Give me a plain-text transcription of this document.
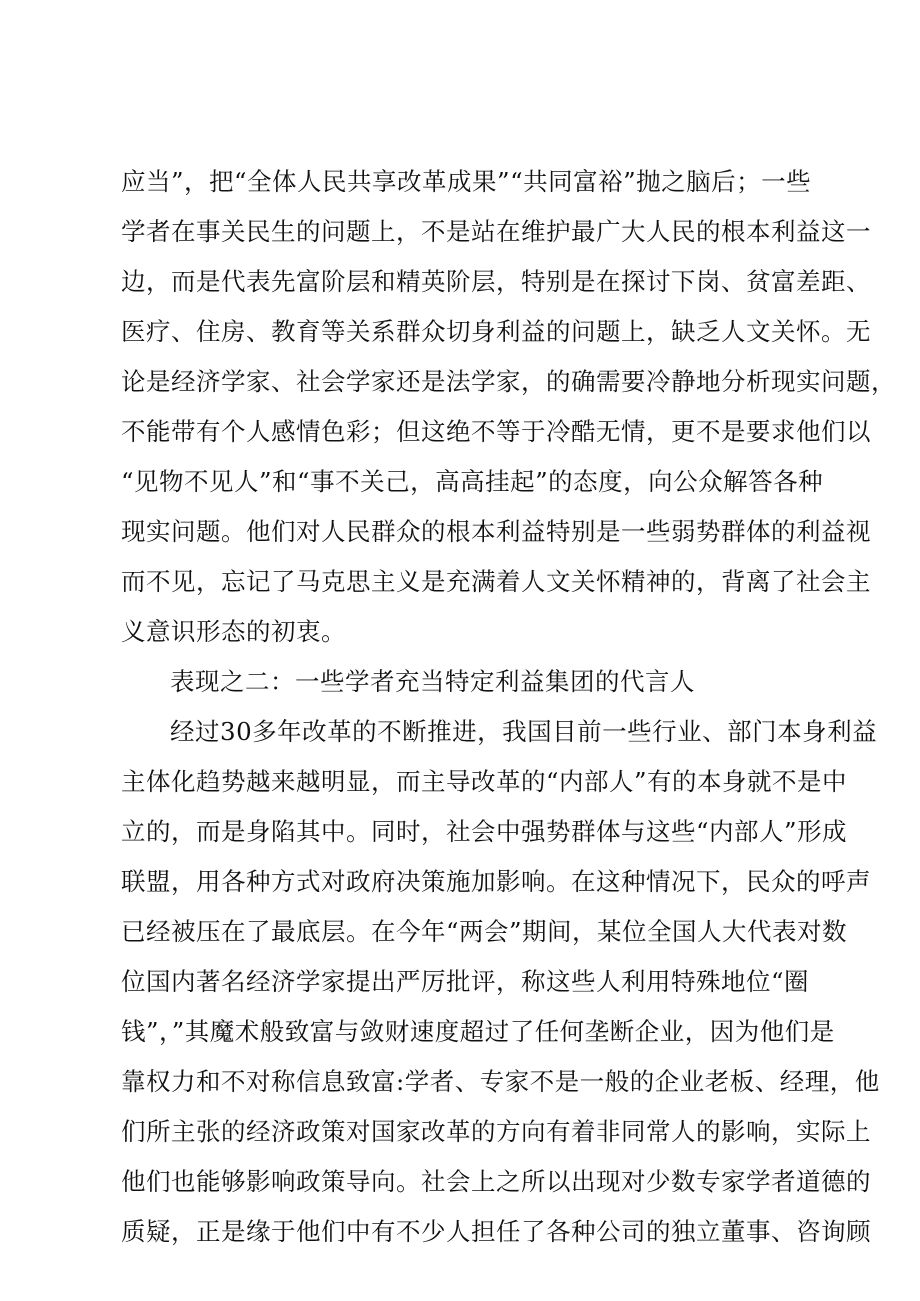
应当”，把“全体人民共享改革成果”“共同富裕”抛之脑后；一些
学者在事关民生的问题上，不是站在维护最广大人民的根本利益这一
边，而是代表先富阶层和精英阶层，特别是在探讨下岗、贫富差距、
医疗、住房、教育等关系群众切身利益的问题上，缺乏人文关怀。无
论是经济学家、社会学家还是法学家，的确需要冷静地分析现实问题，
不能带有个人感情色彩；但这绝不等于冷酷无情，更不是要求他们以
“见物不见人”和“事不关己，高高挂起”的态度，向公众解答各种
现实问题。他们对人民群众的根本利益特别是一些弱势群体的利益视
而不见，忘记了马克思主义是充满着人文关怀精神的，背离了社会主
义意识形态的初衷。
表现之二：一些学者充当特定利益集团的代言人
经过30多年改革的不断推进，我国目前一些行业、部门本身利益
主体化趋势越来越明显，而主导改革的“内部人”有的本身就不是中
立的，而是身陷其中。同时，社会中强势群体与这些“内部人”形成
联盟，用各种方式对政府决策施加影响。在这种情况下，民众的呼声
已经被压在了最底层。在今年“两会”期间，某位全国人大代表对数
位国内著名经济学家提出严厉批评，称这些人利用特殊地位“圈
钱”，”其魔术般致富与敛财速度超过了任何垄断企业，因为他们是
靠权力和不对称信息致富:学者、专家不是一般的企业老板、经理，他
们所主张的经济政策对国家改革的方向有着非同常人的影响，实际上
他们也能够影响政策导向。社会上之所以出现对少数专家学者道德的
质疑，正是缘于他们中有不少人担任了各种公司的独立董事、咨询顾
